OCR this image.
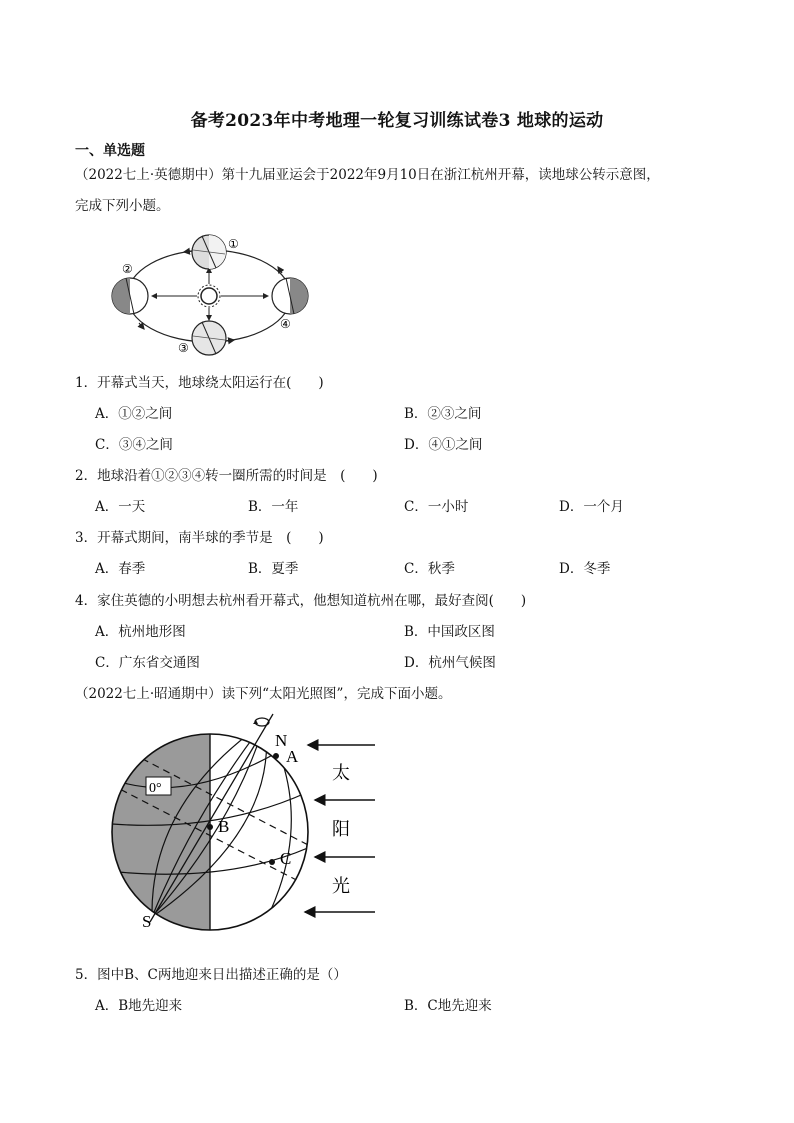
备考2023年中考地理一轮复习训练试卷3 地球的运动
一、单选题
（2022七上·英德期中）第十九届亚运会于2022年9月10日在浙江杭州开幕，读地球公转示意图，
完成下列小题。
①
②
③
④
1．开幕式当天，地球绕太阳运行在(　　)
A．①②之间	B．②③之间
C．③④之间	D．④①之间
2．地球沿着①②③④转一圈所需的时间是　(　　)
A．一天	B．一年	C．一小时	D．一个月
3．开幕式期间，南半球的季节是　(　　)
A．春季	B．夏季	C．秋季	D．冬季
4．家住英德的小明想去杭州看开幕式，他想知道杭州在哪，最好查阅(　　)
A．杭州地形图	B．中国政区图
C．广东省交通图	D．杭州气候图
（2022七上·昭通期中）读下列“太阳光照图”，完成下面小题。
0°
N
A
B
C
S
太
阳
光
5．图中B、C两地迎来日出描述正确的是（）
A．B地先迎来	B．C地先迎来
